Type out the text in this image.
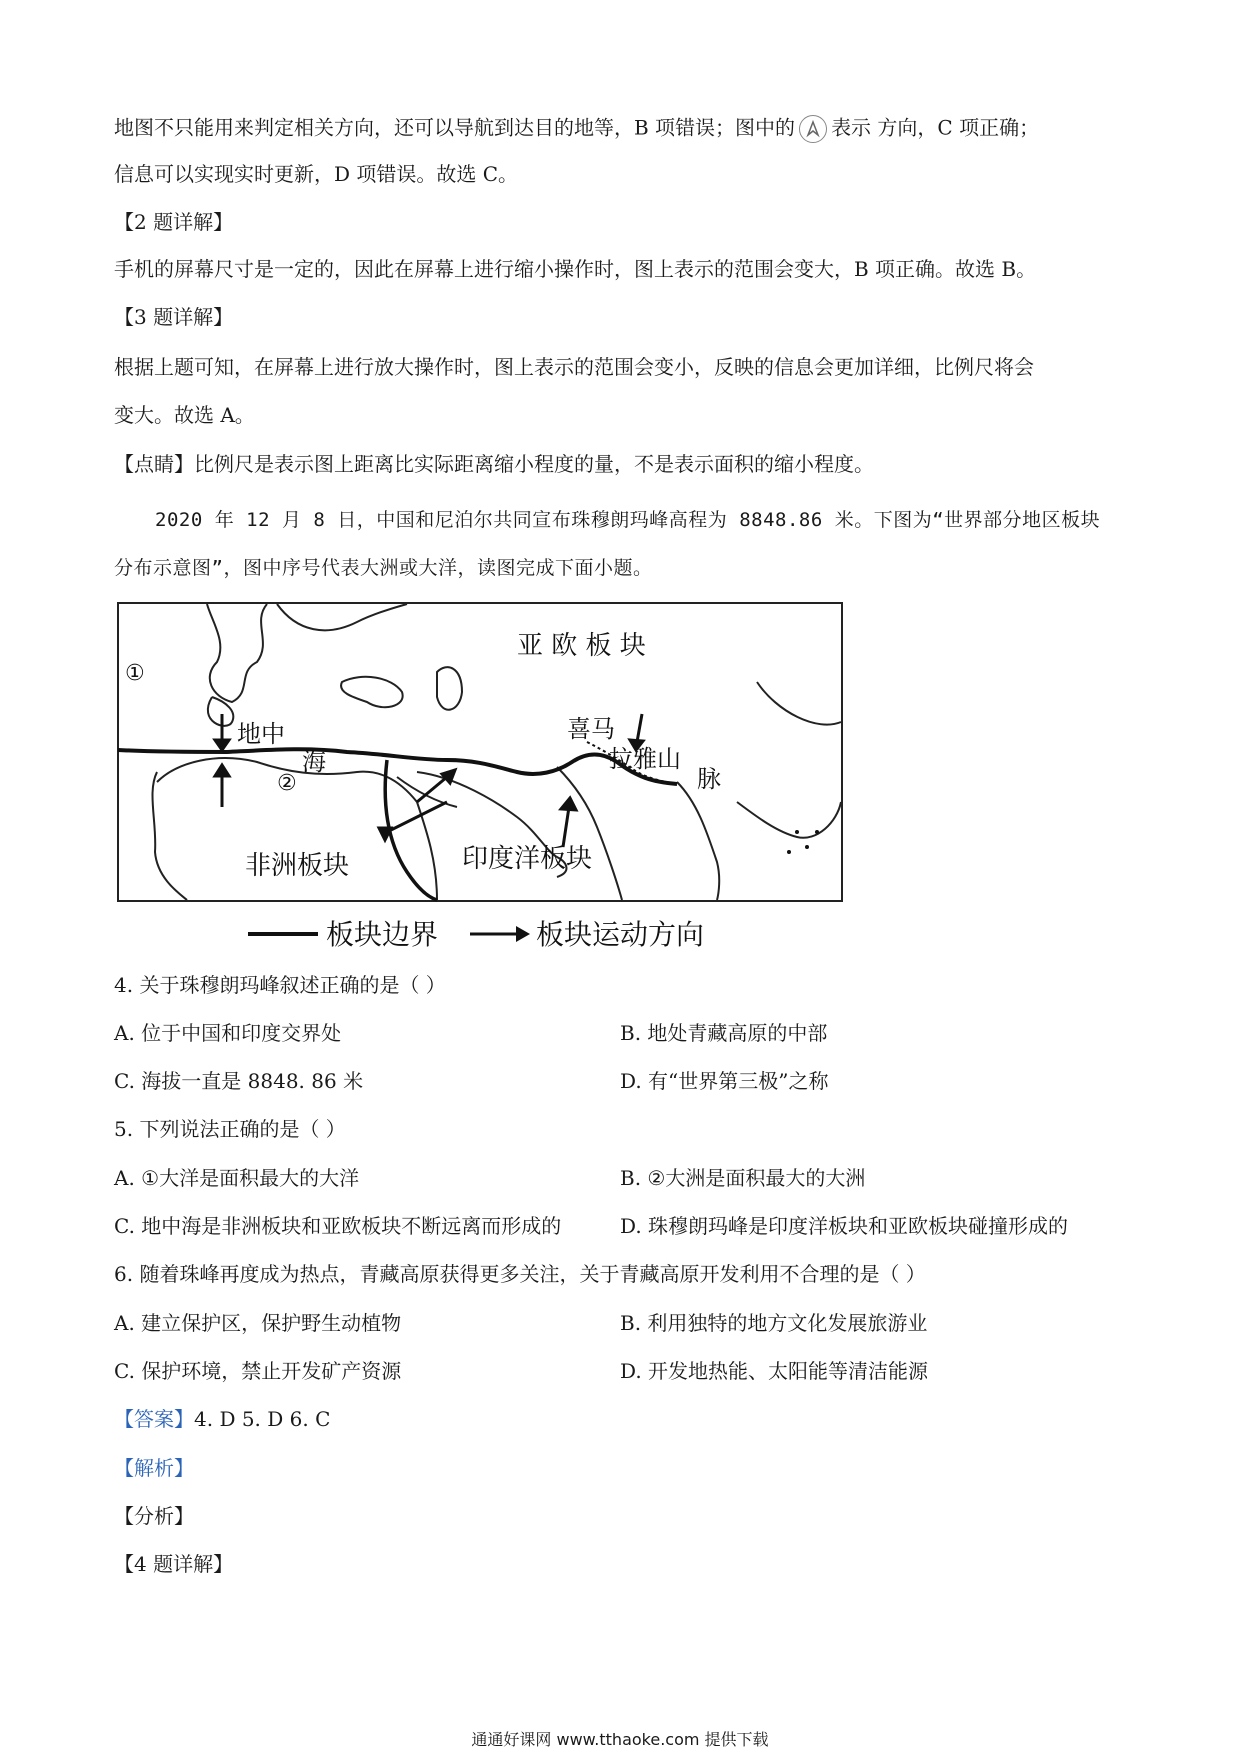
地图不只能用来判定相关方向，还可以导航到达目的地等，B 项错误；图中的 表示 方向，C 项正确；
信息可以实现实时更新，D 项错误。故选 C。
【2 题详解】
手机的屏幕尺寸是一定的，因此在屏幕上进行缩小操作时，图上表示的范围会变大，B 项正确。故选 B。
【3 题详解】
根据上题可知，在屏幕上进行放大操作时，图上表示的范围会变小，反映的信息会更加详细，比例尺将会
变大。故选 A。
【点睛】比例尺是表示图上距离比实际距离缩小程度的量，不是表示面积的缩小程度。
2020 年 12 月 8 日，中国和尼泊尔共同宣布珠穆朗玛峰高程为 8848.86 米。下图为“世界部分地区板块
分布示意图”，图中序号代表大洲或大洋，读图完成下面小题。
亚 欧 板 块
①
②
地中
海
喜马
拉雅山
脉
非洲板块	印度洋板块
板块边界	板块运动方向
4. 关于珠穆朗玛峰叙述正确的是（ ）
A. 位于中国和印度交界处	B. 地处青藏高原的中部
C. 海拔一直是 8848. 86 米	D. 有“世界第三极”之称
5. 下列说法正确的是（ ）
A. ①大洋是面积最大的大洋	B. ②大洲是面积最大的大洲
C. 地中海是非洲板块和亚欧板块不断远离而形成的	D. 珠穆朗玛峰是印度洋板块和亚欧板块碰撞形成的
6. 随着珠峰再度成为热点，青藏高原获得更多关注，关于青藏高原开发利用不合理的是（ ）
A. 建立保护区，保护野生动植物	B. 利用独特的地方文化发展旅游业
C. 保护环境，禁止开发矿产资源	D. 开发地热能、太阳能等清洁能源
【答案】4. D 5. D 6. C
【解析】
【分析】
【4 题详解】
通通好课网 www.tthaoke.com 提供下载
